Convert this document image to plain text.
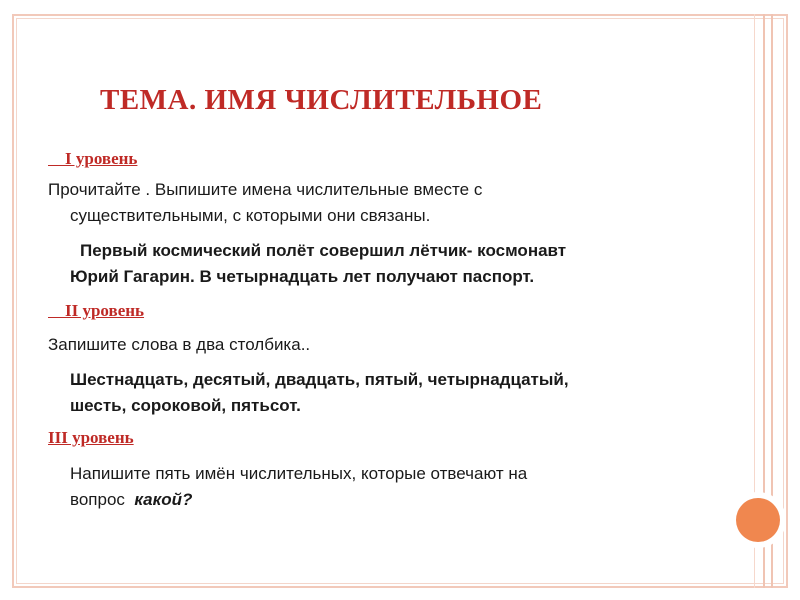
ТЕМА. ИМЯ ЧИСЛИТЕЛЬНОЕ
I уровень
Прочитайте . Выпишите имена числительные вместе с
существительными, с которыми они связаны.
Первый космический полёт совершил лётчик- космонавт
Юрий Гагарин. В четырнадцать лет получают паспорт.
II уровень
Запишите слова в два столбика..
Шестнадцать, десятый, двадцать, пятый, четырнадцатый,
шесть, сороковой, пятьсот.
III уровень
Напишите пять имён числительных, которые отвечают на
вопрос  какой?
